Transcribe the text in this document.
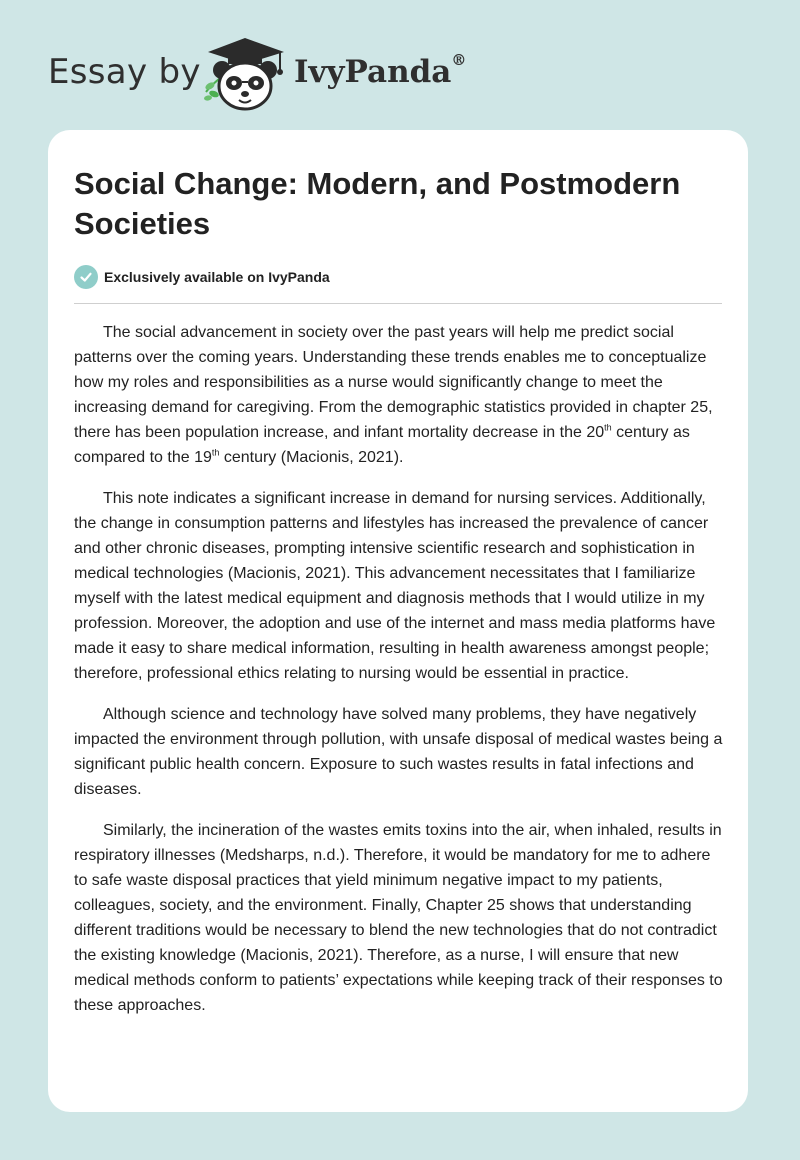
Essay by	IvyPanda®
Social Change: Modern, and Postmodern Societies
Exclusively available on IvyPanda

The social advancement in society over the past years will help me predict social patterns over the coming years. Understanding these trends enables me to conceptualize how my roles and responsibilities as a nurse would significantly change to meet the increasing demand for caregiving. From the demographic statistics provided in chapter 25, there has been population increase, and infant mortality decrease in the 20th century as compared to the 19th century (Macionis, 2021).

This note indicates a significant increase in demand for nursing services. Additionally, the change in consumption patterns and lifestyles has increased the prevalence of cancer and other chronic diseases, prompting intensive scientific research and sophistication in medical technologies (Macionis, 2021). This advancement necessitates that I familiarize myself with the latest medical equipment and diagnosis methods that I would utilize in my profession. Moreover, the adoption and use of the internet and mass media platforms have made it easy to share medical information, resulting in health awareness amongst people; therefore, professional ethics relating to nursing would be essential in practice.

Although science and technology have solved many problems, they have negatively impacted the environment through pollution, with unsafe disposal of medical wastes being a significant public health concern. Exposure to such wastes results in fatal infections and diseases.

Similarly, the incineration of the wastes emits toxins into the air, when inhaled, results in respiratory illnesses (Medsharps, n.d.). Therefore, it would be mandatory for me to adhere to safe waste disposal practices that yield minimum negative impact to my patients, colleagues, society, and the environment. Finally, Chapter 25 shows that understanding different traditions would be necessary to blend the new technologies that do not contradict the existing knowledge (Macionis, 2021). Therefore, as a nurse, I will ensure that new medical methods conform to patients’ expectations while keeping track of their responses to these approaches.
